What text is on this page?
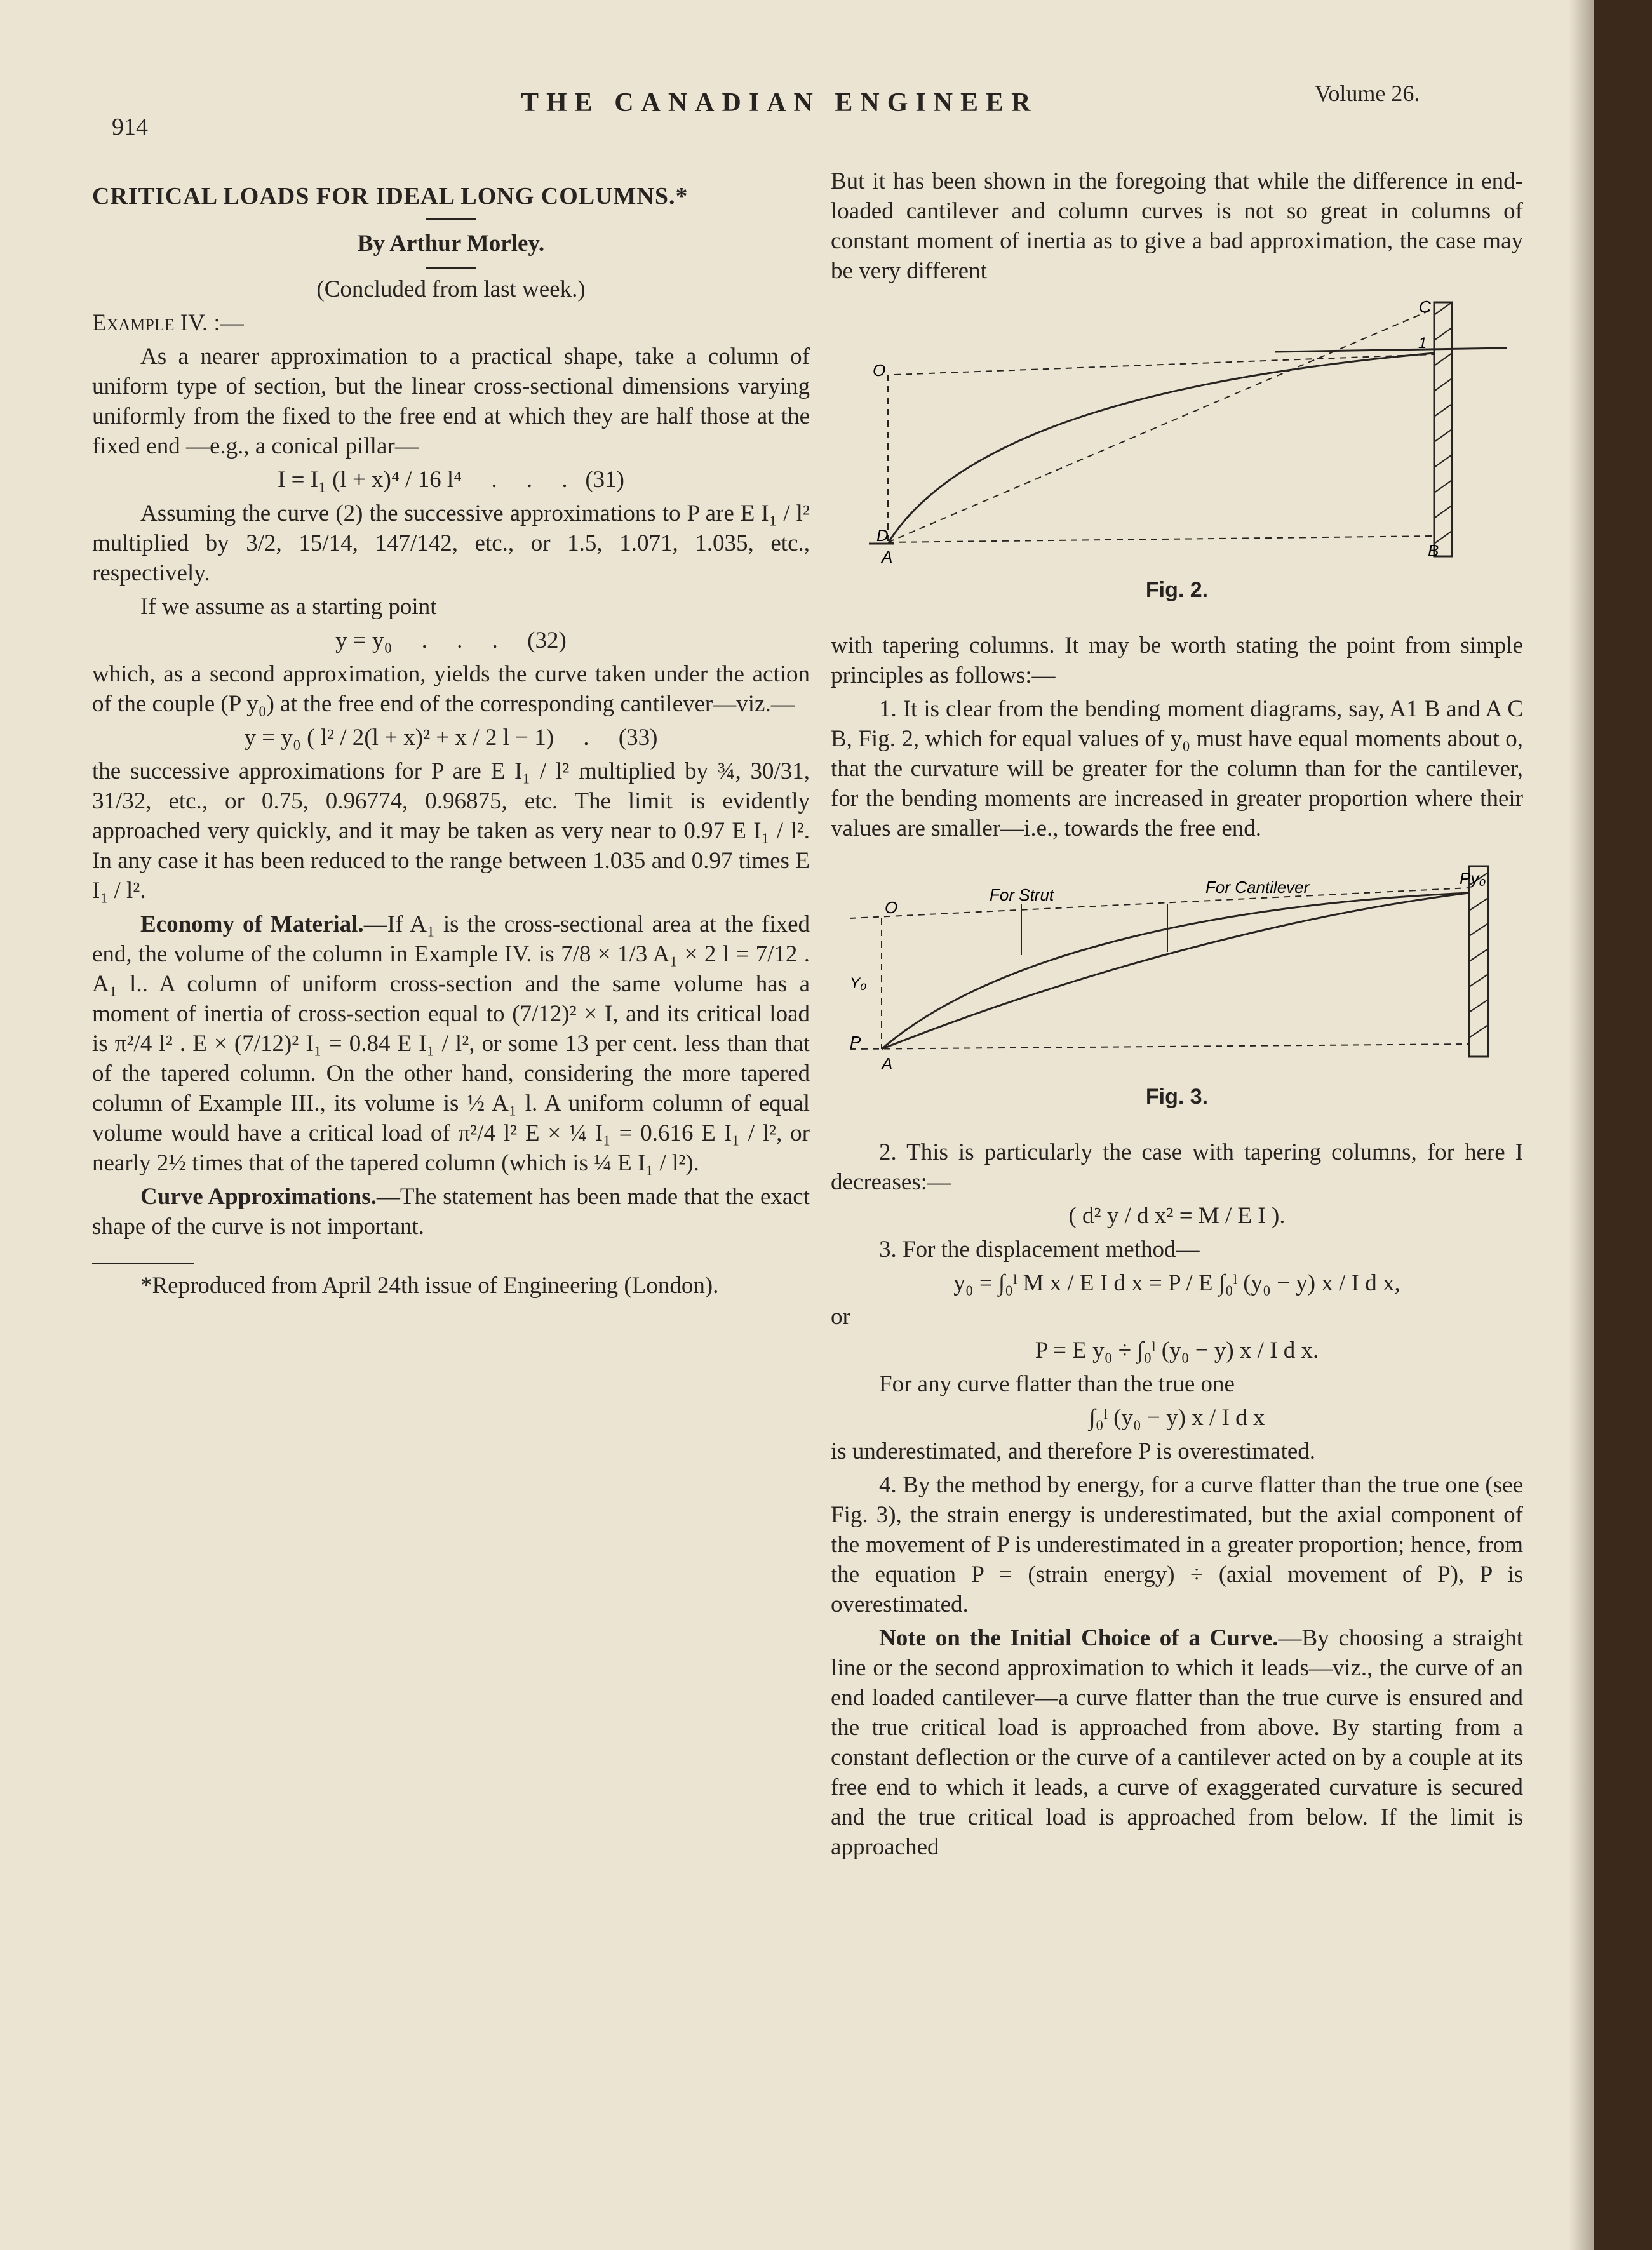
914
THE CANADIAN ENGINEER	Volume 26.
CRITICAL LOADS FOR IDEAL LONG COLUMNS.*
By Arthur Morley.

(Concluded from last week.)

Example IV. :—

As a nearer approximation to a practical shape, take a column of uniform type of section, but the linear cross-sectional dimensions varying uniformly from the fixed to the free end at which they are half those at the fixed end —e.g., a conical pillar—

I = I₁ (l + x)⁴ / 16 l⁴     .     .     .   (31)

Assuming the curve (2) the successive approximations to P are E I₁ / l² multiplied by 3/2, 15/14, 147/142, etc., or 1.5, 1.071, 1.035, etc., respectively.

If we assume as a starting point

y = y₀     .     .     .     (32)

which, as a second approximation, yields the curve taken under the action of the couple (P y₀) at the free end of the corresponding cantilever—viz.—

y = y₀ ( l² / 2(l + x)² + x / 2 l − 1)     .     (33)

the successive approximations for P are E I₁ / l² multiplied by ¾, 30/31, 31/32, etc., or 0.75, 0.96774, 0.96875, etc. The limit is evidently approached very quickly, and it may be taken as very near to 0.97 E I₁ / l². In any case it has been reduced to the range between 1.035 and 0.97 times E I₁ / l².

Economy of Material.—If A₁ is the cross-sectional area at the fixed end, the volume of the column in Example IV. is 7/8 × 1/3 A₁ × 2 l = 7/12 . A₁ l.. A column of uniform cross-section and the same volume has a moment of inertia of cross-section equal to (7/12)² × I, and its critical load is π²/4 l² . E × (7/12)² I₁ = 0.84 E I₁ / l², or some 13 per cent. less than that of the tapered column. On the other hand, considering the more tapered column of Example III., its volume is ½ A₁ l. A uniform column of equal volume would have a critical load of π²/4 l² E × ¼ I₁ = 0.616 E I₁ / l², or nearly 2½ times that of the tapered column (which is ¼ E I₁ / l²).

Curve Approximations.—The statement has been made that the exact shape of the curve is not important.

*Reproduced from April 24th issue of Engineering (London).

But it has been shown in the foregoing that while the difference in end-loaded cantilever and column curves is not so great in columns of constant moment of inertia as to give a bad approximation, the case may be very different

O
C
1
D
A	B
Fig. 2.

with tapering columns. It may be worth stating the point from simple principles as follows:—

1. It is clear from the bending moment diagrams, say, A1 B and A C B, Fig. 2, which for equal values of y₀ must have equal moments about o, that the curvature will be greater for the column than for the cantilever, for the bending moments are increased in greater proportion where their values are smaller—i.e., towards the free end.

O
For Strut	For Cantilever	Py₀
Y₀
P
A
Fig. 3.

2. This is particularly the case with tapering columns, for here I decreases:—

( d² y / d x² = M / E I ).

3. For the displacement method—

y₀ = ∫₀ˡ M x / E I d x = P / E ∫₀ˡ (y₀ − y) x / I d x,

or

P = E y₀ ÷ ∫₀ˡ (y₀ − y) x / I d x.

For any curve flatter than the true one

∫₀ˡ (y₀ − y) x / I d x

is underestimated, and therefore P is overestimated.

4. By the method by energy, for a curve flatter than the true one (see Fig. 3), the strain energy is underestimated, but the axial component of the movement of P is underestimated in a greater proportion; hence, from the equation P = (strain energy) ÷ (axial movement of P), P is overestimated.

Note on the Initial Choice of a Curve.—By choosing a straight line or the second approximation to which it leads—viz., the curve of an end loaded cantilever—a curve flatter than the true curve is ensured and the true critical load is approached from above. By starting from a constant deflection or the curve of a cantilever acted on by a couple at its free end to which it leads, a curve of exaggerated curvature is secured and the true critical load is approached from below. If the limit is approached
